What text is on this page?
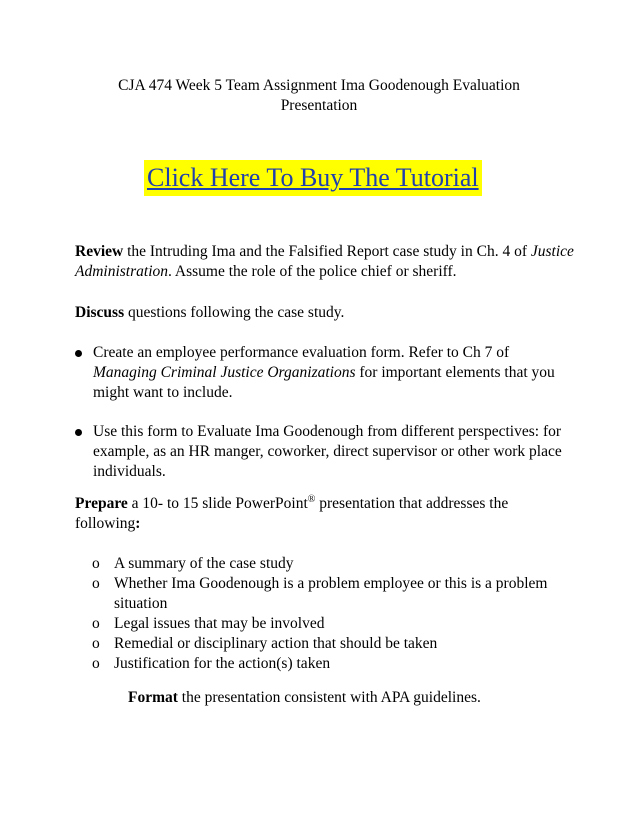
CJA 474 Week 5 Team Assignment Ima Goodenough Evaluation
Presentation
Click Here To Buy The Tutorial
Review the Intruding Ima and the Falsified Report case study in Ch. 4 of Justice Administration. Assume the role of the police chief or sheriff.
Discuss questions following the case study.
Create an employee performance evaluation form. Refer to Ch 7 of Managing Criminal Justice Organizations for important elements that you might want to include.
Use this form to Evaluate Ima Goodenough from different perspectives: for example, as an HR manger, coworker, direct supervisor or other work place individuals.
Prepare a 10- to 15 slide PowerPoint® presentation that addresses the following:
o A summary of the case study
o Whether Ima Goodenough is a problem employee or this is a problem situation
o Legal issues that may be involved
o Remedial or disciplinary action that should be taken
o Justification for the action(s) taken
Format the presentation consistent with APA guidelines.
